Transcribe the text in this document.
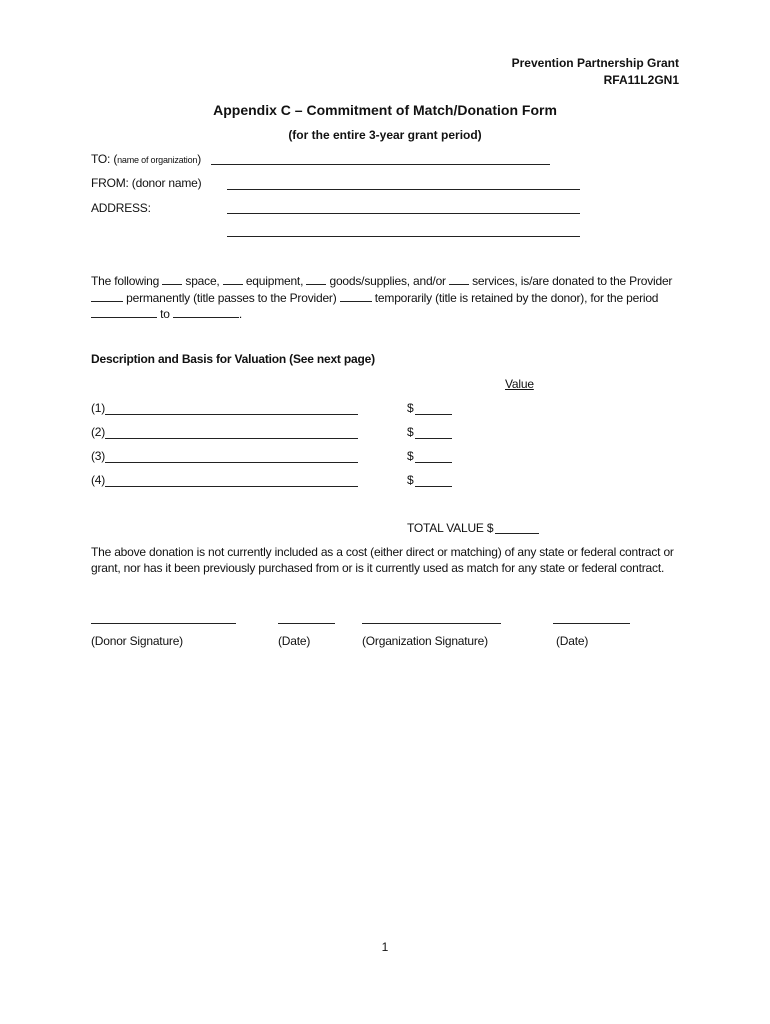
Prevention Partnership Grant
RFA11L2GN1
Appendix C – Commitment of Match/Donation Form
(for the entire 3-year grant period)
TO: (name of organization)
FROM: (donor name)
ADDRESS:
The following space, equipment, goods/supplies, and/or services, is/are donated to the Provider
permanently (title passes to the Provider)	temporarily (title is retained by the donor), for the period
to	.
Description and Basis for Valuation (See next page)
Value
(1)	$
(2)	$
(3)	$
(4)	$
TOTAL VALUE $
The above donation is not currently included as a cost (either direct or matching) of any state or federal contract or
grant, nor has it been previously purchased from or is it currently used as match for any state or federal contract.
(Donor Signature)	(Date)	(Organization Signature)	(Date)
1
